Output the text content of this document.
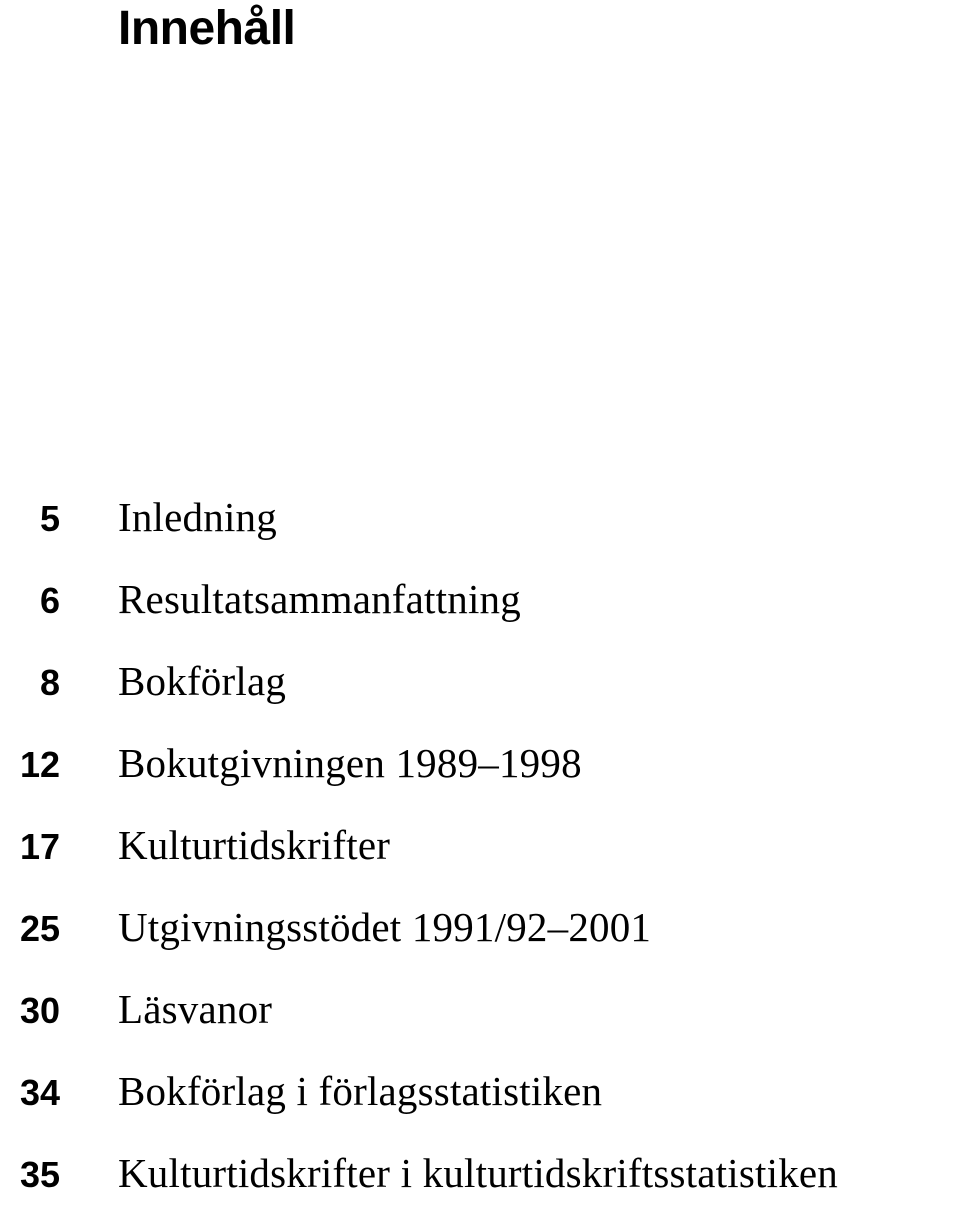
Innehåll
5 Inledning
6 Resultatsammanfattning
8 Bokförlag
12 Bokutgivningen 1989–1998
17 Kulturtidskrifter
25 Utgivningsstödet 1991/92–2001
30 Läsvanor
34 Bokförlag i förlagsstatistiken
35 Kulturtidskrifter i kulturtidskriftsstatistiken
